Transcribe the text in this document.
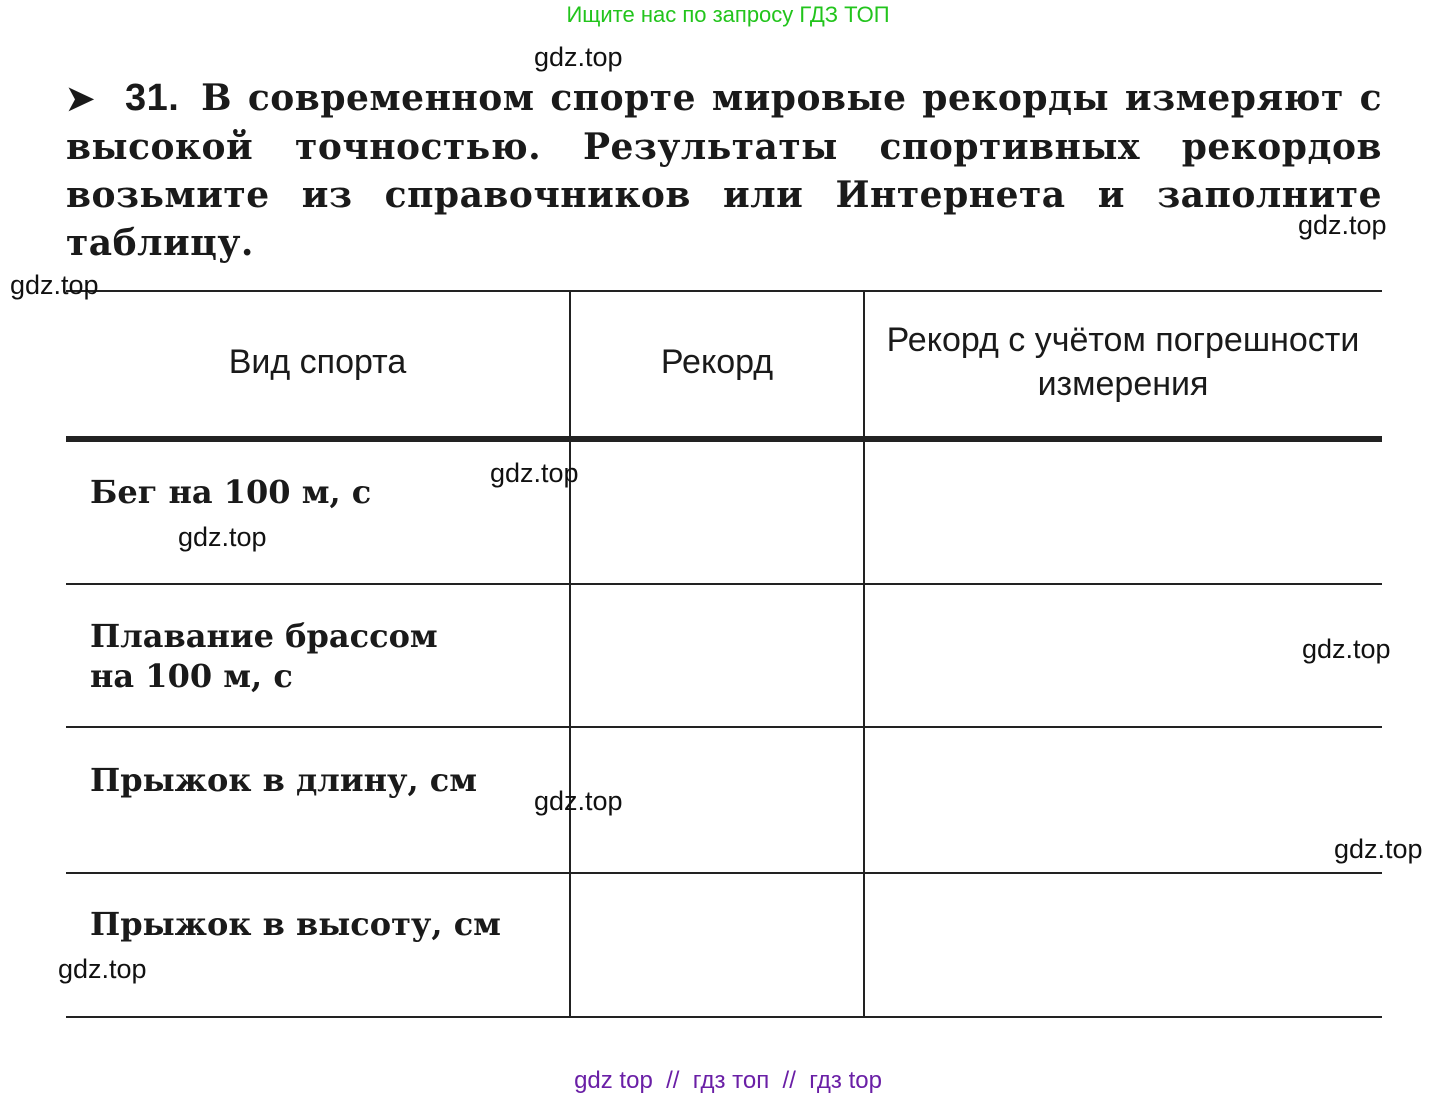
Ищите нас по запросу ГДЗ ТОП
➤ 31. В современном спорте мировые рекорды измеряют с высокой точностью. Результаты спортивных рекордов возьмите из справочников или Интернета и заполните таблицу.
Вид спорта	Рекорд
Рекорд с учётом погрешности измерения
Бег на 100 м, с
Плавание брассом на 100 м, с
Прыжок в длину, см
Прыжок в высоту, см
gdz.top
gdz.top
gdz.top
gdz.top
gdz.top
gdz.top
gdz.top
gdz.top
gdz.top
gdz top  //  гдз топ  //  гдз top
